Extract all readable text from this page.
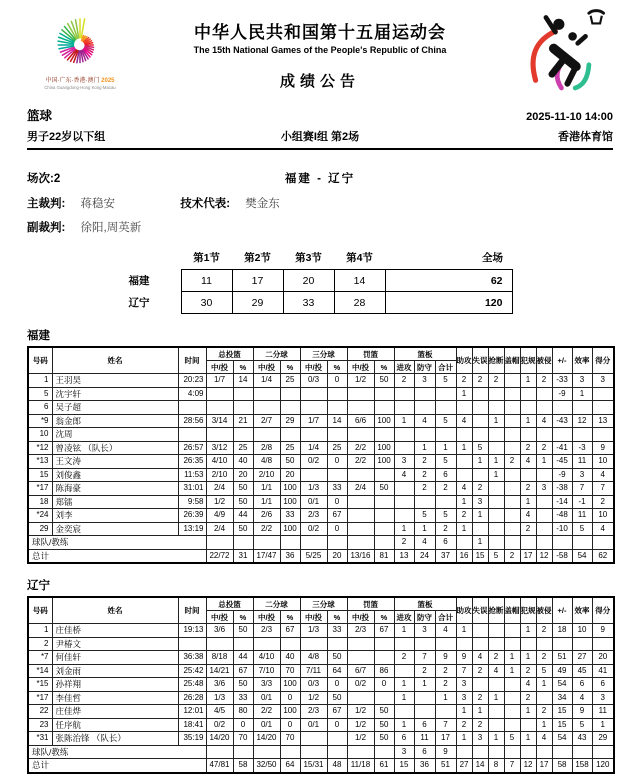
中国·广东·香港·澳门 2025
China Guangdong·Hong Kong·Macau
中华人民共和国第十五届运动会
The 15th National Games of the People's Republic of China
成绩公告
篮球	2025-11-10 14:00
男子22岁以下组	小组赛I组 第2场	香港体育馆
场次:2	福建 - 辽宁
主裁判: 蒋稳安	技术代表: 樊金东
副裁判: 徐阳,周英新
	第1节	第2节	第3节	第4节	全场
福建	11	17	20	14	62
辽宁	30	29	33	28	120
福建
号码	姓名	时间	总投篮		二分球		三分球		罚篮		篮板			助攻	失误	抢断	盖帽	犯规	被侵	+/-	效率	得分
			中/投	%	中/投	%	中/投	%	中/投	%	进攻	防守	合计									
1	王羽昊	20:23	1/7	14	1/4	25	0/3	0	1/2	50	2	3	5	2	2	2		1	2	-33	3	3
5	沈宇轩	4:09												1						-9	1	
6	吴子超																					
*9	翁金郎	28:56	3/14	21	2/7	29	1/7	14	6/6	100	1	4	5	4		1		1	4	-43	12	13
10	沈周																					
*12	曾凌铉 （队长）	26:57	3/12	25	2/8	25	1/4	25	2/2	100		1	1	1	5			2	2	-41	-3	9
*13	王文涛	26:35	4/10	40	4/8	50	0/2	0	2/2	100	3	2	5		1	1	2	4	1	-45	11	10
15	刘俊鑫	11:53	2/10	20	2/10	20					4	2	6			1				-9	3	4
*17	陈海豪	31:01	2/4	50	1/1	100	1/3	33	2/4	50		2	2	4	2			2	3	-38	7	7
18	郑镭	9:58	1/2	50	1/1	100	0/1	0						1	3			1		-14	-1	2
*24	刘李	26:39	4/9	44	2/6	33	2/3	67				5	5	2	1			4		-48	11	10
29	金奕宸	13:19	2/4	50	2/2	100	0/2	0			1	1	2	1				2		-10	5	4
球队/教练											2	4	6		1							
总计			22/72	31	17/47	36	5/25	20	13/16	81	13	24	37	16	15	5	2	17	12	-58	54	62
辽宁
号码	姓名	时间	总投篮		二分球		三分球		罚篮		篮板			助攻	失误	抢断	盖帽	犯规	被侵	+/-	效率	得分
			中/投	%	中/投	%	中/投	%	中/投	%	进攻	防守	合计									
1	庄佳桥	19:13	3/6	50	2/3	67	1/3	33	2/3	67	1	3	4	1				1	2	18	10	9
2	尹椿文																					
*7	何佳轩	36:38	8/18	44	4/10	40	4/8	50			2	7	9	9	4	2	1	1	2	51	27	20
*14	刘金雨	25:42	14/21	67	7/10	70	7/11	64	6/7	86		2	2	7	2	4	1	2	5	49	45	41
*15	孙祥翔	25:48	3/6	50	3/3	100	0/3	0	0/2	0	1	1	2	3				4	1	54	6	6
*17	李佳哲	26:28	1/3	33	0/1	0	1/2	50			1		1	3	2	1		2		34	4	3
22	庄佳烨	12:01	4/5	80	2/2	100	2/3	67	1/2	50				1	1			1	2	15	9	11
23	任序航	18:41	0/2	0	0/1	0	0/1	0	1/2	50	1	6	7	2	2				1	15	5	1
*31	张陈治锋 （队长）	35:19	14/20	70	14/20	70			1/2	50	6	11	17	1	3	1	5	1	4	54	43	29
球队/教练											3	6	9									
总计			47/81	58	32/50	64	15/31	48	11/18	61	15	36	51	27	14	8	7	12	17	58	158	120
